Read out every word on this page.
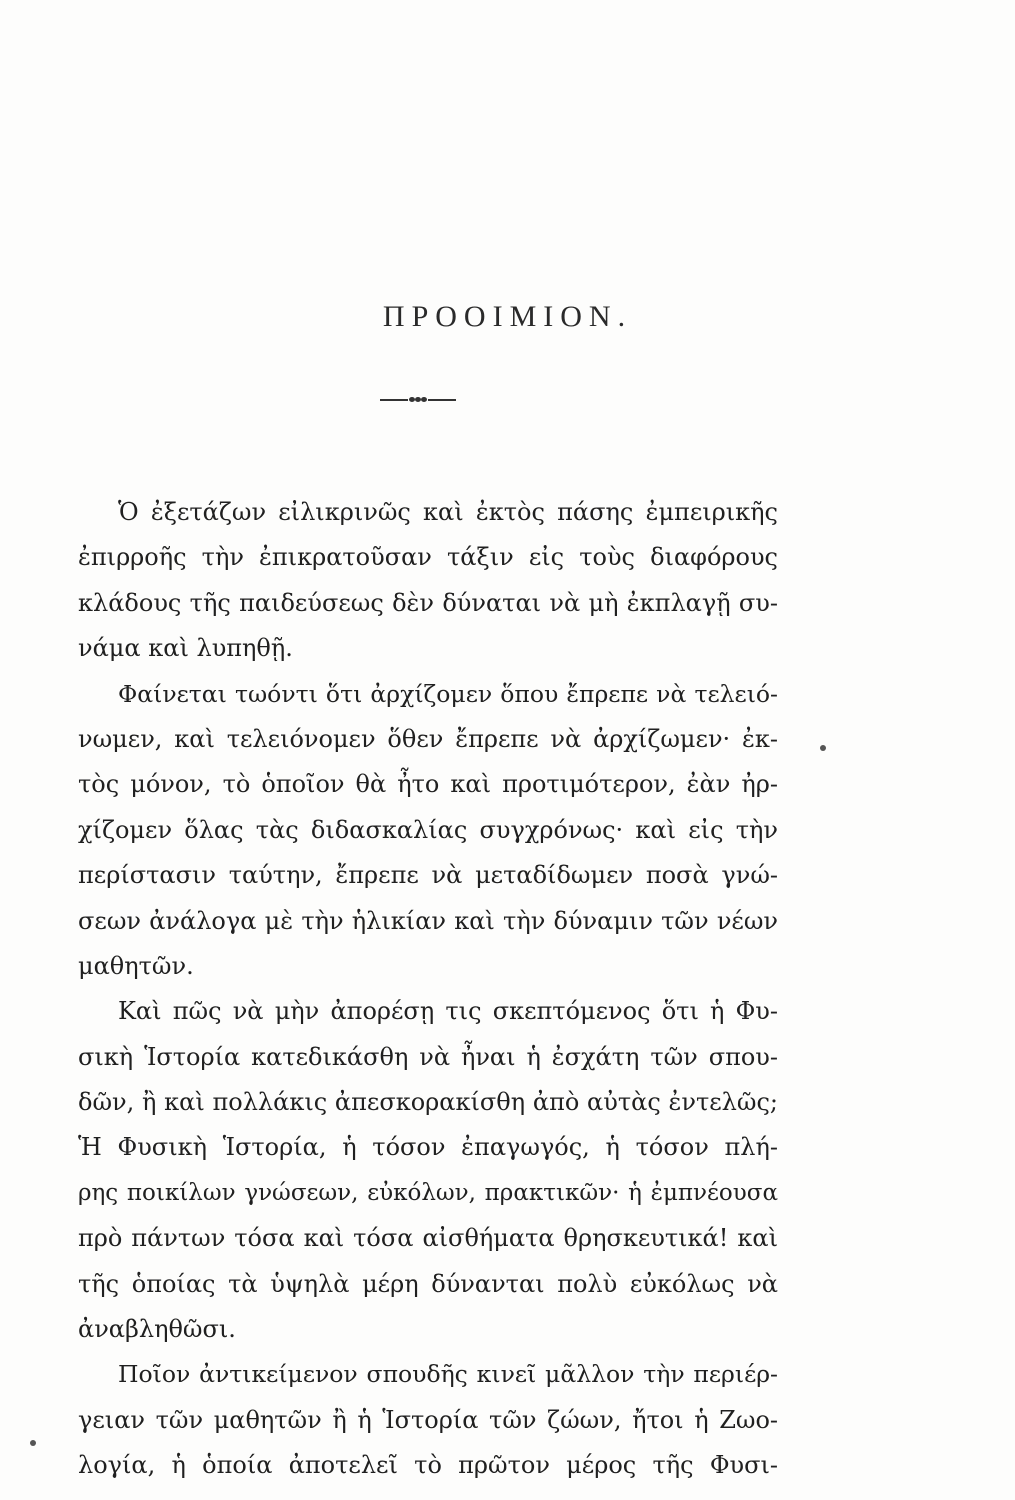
ΠΡΟΟΙΜΙΟΝ.
Ὁ ἐξετάζων εἰλικρινῶς καὶ ἐκτὸς πάσης ἐμπειρικῆς
ἐπιρροῆς τὴν ἐπικρατοῦσαν τάξιν εἰς τοὺς διαφόρους
κλάδους τῆς παιδεύσεως δὲν δύναται νὰ μὴ ἐκπλαγῇ συ-
νάμα καὶ λυπηθῇ.
Φαίνεται τωόντι ὅτι ἀρχίζομεν ὅπου ἔπρεπε νὰ τελειό-
νωμεν, καὶ τελειόνομεν ὅθεν ἔπρεπε νὰ ἀρχίζωμεν· ἐκ-
τὸς μόνον, τὸ ὁποῖον θὰ ἦτο καὶ προτιμότερον, ἐὰν ἠρ-
χίζομεν ὅλας τὰς διδασκαλίας συγχρόνως· καὶ εἰς τὴν
περίστασιν ταύτην, ἔπρεπε νὰ μεταδίδωμεν ποσὰ γνώ-
σεων ἀνάλογα μὲ τὴν ἡλικίαν καὶ τὴν δύναμιν τῶν νέων
μαθητῶν.
Καὶ πῶς νὰ μὴν ἀπορέσῃ τις σκεπτόμενος ὅτι ἡ Φυ-
σικὴ Ἱστορία κατεδικάσθη νὰ ἦναι ἡ ἐσχάτη τῶν σπου-
δῶν, ἢ καὶ πολλάκις ἀπεσκορακίσθη ἀπὸ αὐτὰς ἐντελῶς;
Ἡ Φυσικὴ Ἱστορία, ἡ τόσον ἐπαγωγός, ἡ τόσον πλή-
ρης ποικίλων γνώσεων, εὐκόλων, πρακτικῶν· ἡ ἐμπνέουσα
πρὸ πάντων τόσα καὶ τόσα αἰσθήματα θρησκευτικά! καὶ
τῆς ὁποίας τὰ ὑψηλὰ μέρη δύνανται πολὺ εὐκόλως νὰ
ἀναβληθῶσι.
Ποῖον ἀντικείμενον σπουδῆς κινεῖ μᾶλλον τὴν περιέρ-
γειαν τῶν μαθητῶν ἢ ἡ Ἱστορία τῶν ζώων, ἤτοι ἡ Ζωο-
λογία, ἡ ὁποία ἀποτελεῖ τὸ πρῶτον μέρος τῆς Φυσι-
